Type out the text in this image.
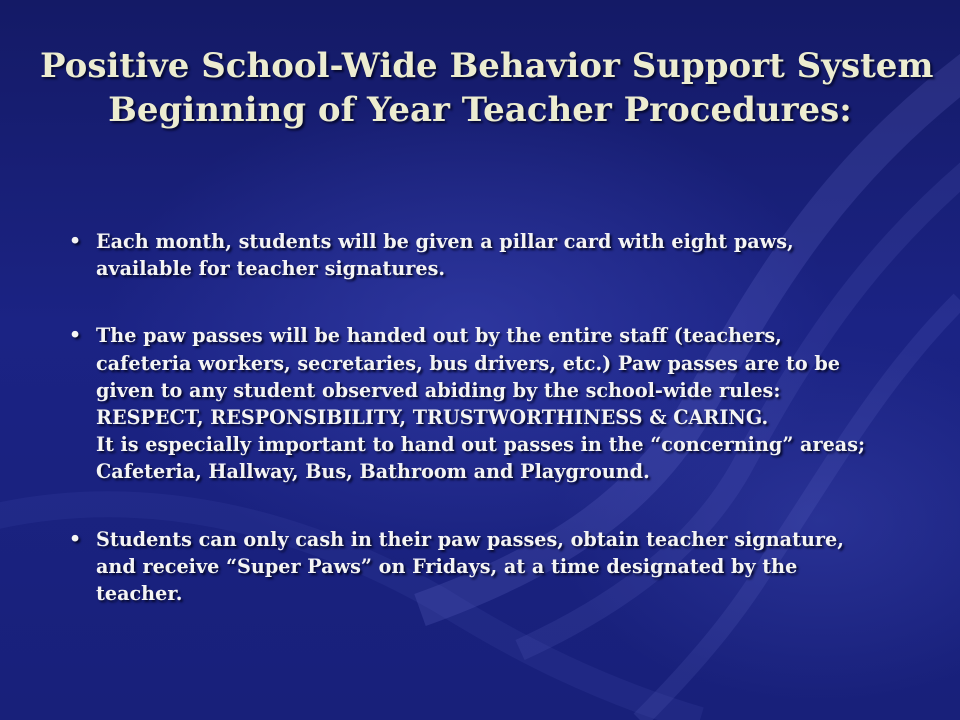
Positive School-Wide Behavior Support System
Beginning of Year Teacher Procedures:
• Each month, students will be given a pillar card with eight paws,
available for teacher signatures.
• The paw passes will be handed out by the entire staff (teachers,
cafeteria workers, secretaries, bus drivers, etc.) Paw passes are to be
given to any student observed abiding by the school-wide rules:
RESPECT, RESPONSIBILITY, TRUSTWORTHINESS & CARING.
It is especially important to hand out passes in the “concerning” areas;
Cafeteria, Hallway, Bus, Bathroom and Playground.
• Students can only cash in their paw passes, obtain teacher signature,
and receive “Super Paws” on Fridays, at a time designated by the
teacher.
